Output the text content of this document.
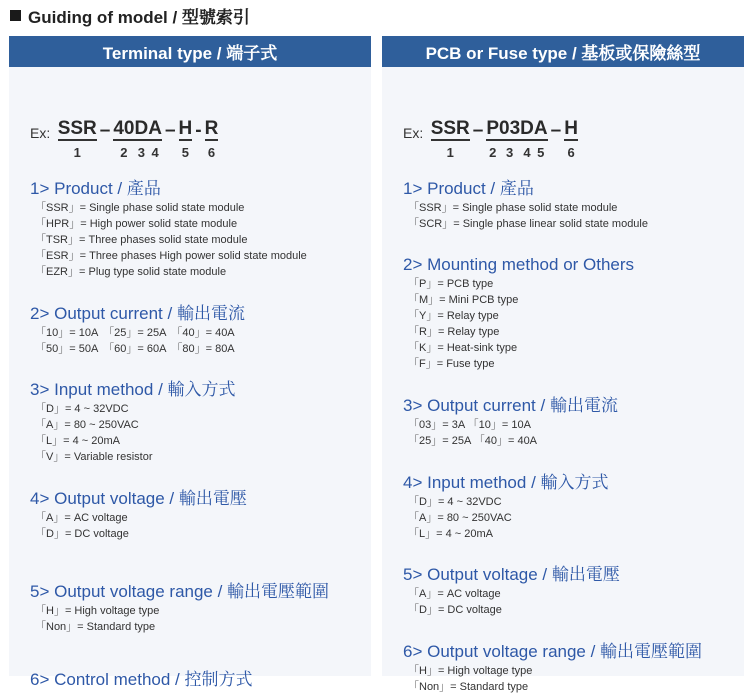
Guiding of model / 型號索引
Terminal type / 端子式
Ex: SSR
1
– 40
2
D
3
A
4
– H
5
- R
6
1> Product / 產品
「SSR」= Single phase solid state module
「HPR」= High power solid state module
「TSR」= Three phases solid state module
「ESR」= Three phases High power solid state module
「EZR」= Plug type solid state module
2> Output current / 輸出電流
「10」= 10A　「25」= 25A　「40」= 40A
「50」= 50A　「60」= 60A　「80」= 80A
3> Input method / 輸入方式
「D」= 4 ~ 32VDC
「A」= 80 ~ 250VAC
「L」= 4 ~ 20mA
「V」= Variable resistor
4> Output voltage / 輸出電壓
「A」= AC voltage
「D」= DC voltage
5> Output voltage range / 輸出電壓範圍
「H」= High voltage type
「Non」= Standard type
6> Control method / 控制方式
PCB or Fuse type / 基板或保險絲型
Ex: SSR
1
– P
2
03
3
D
4
A
5
– H
6
1> Product / 產品
「SSR」= Single phase solid state module
「SCR」= Single phase linear solid state module
2> Mounting method or Others
「P」= PCB type
「M」= Mini PCB type
「Y」= Relay type
「R」= Relay type
「K」= Heat-sink type
「F」= Fuse type
3> Output current / 輸出電流
「03」= 3A 「10」= 10A
「25」= 25A 「40」= 40A
4> Input method / 輸入方式
「D」= 4 ~ 32VDC
「A」= 80 ~ 250VAC
「L」= 4 ~ 20mA
5> Output voltage / 輸出電壓
「A」= AC voltage
「D」= DC voltage
6> Output voltage range / 輸出電壓範圍
「H」= High voltage type
「Non」= Standard type
